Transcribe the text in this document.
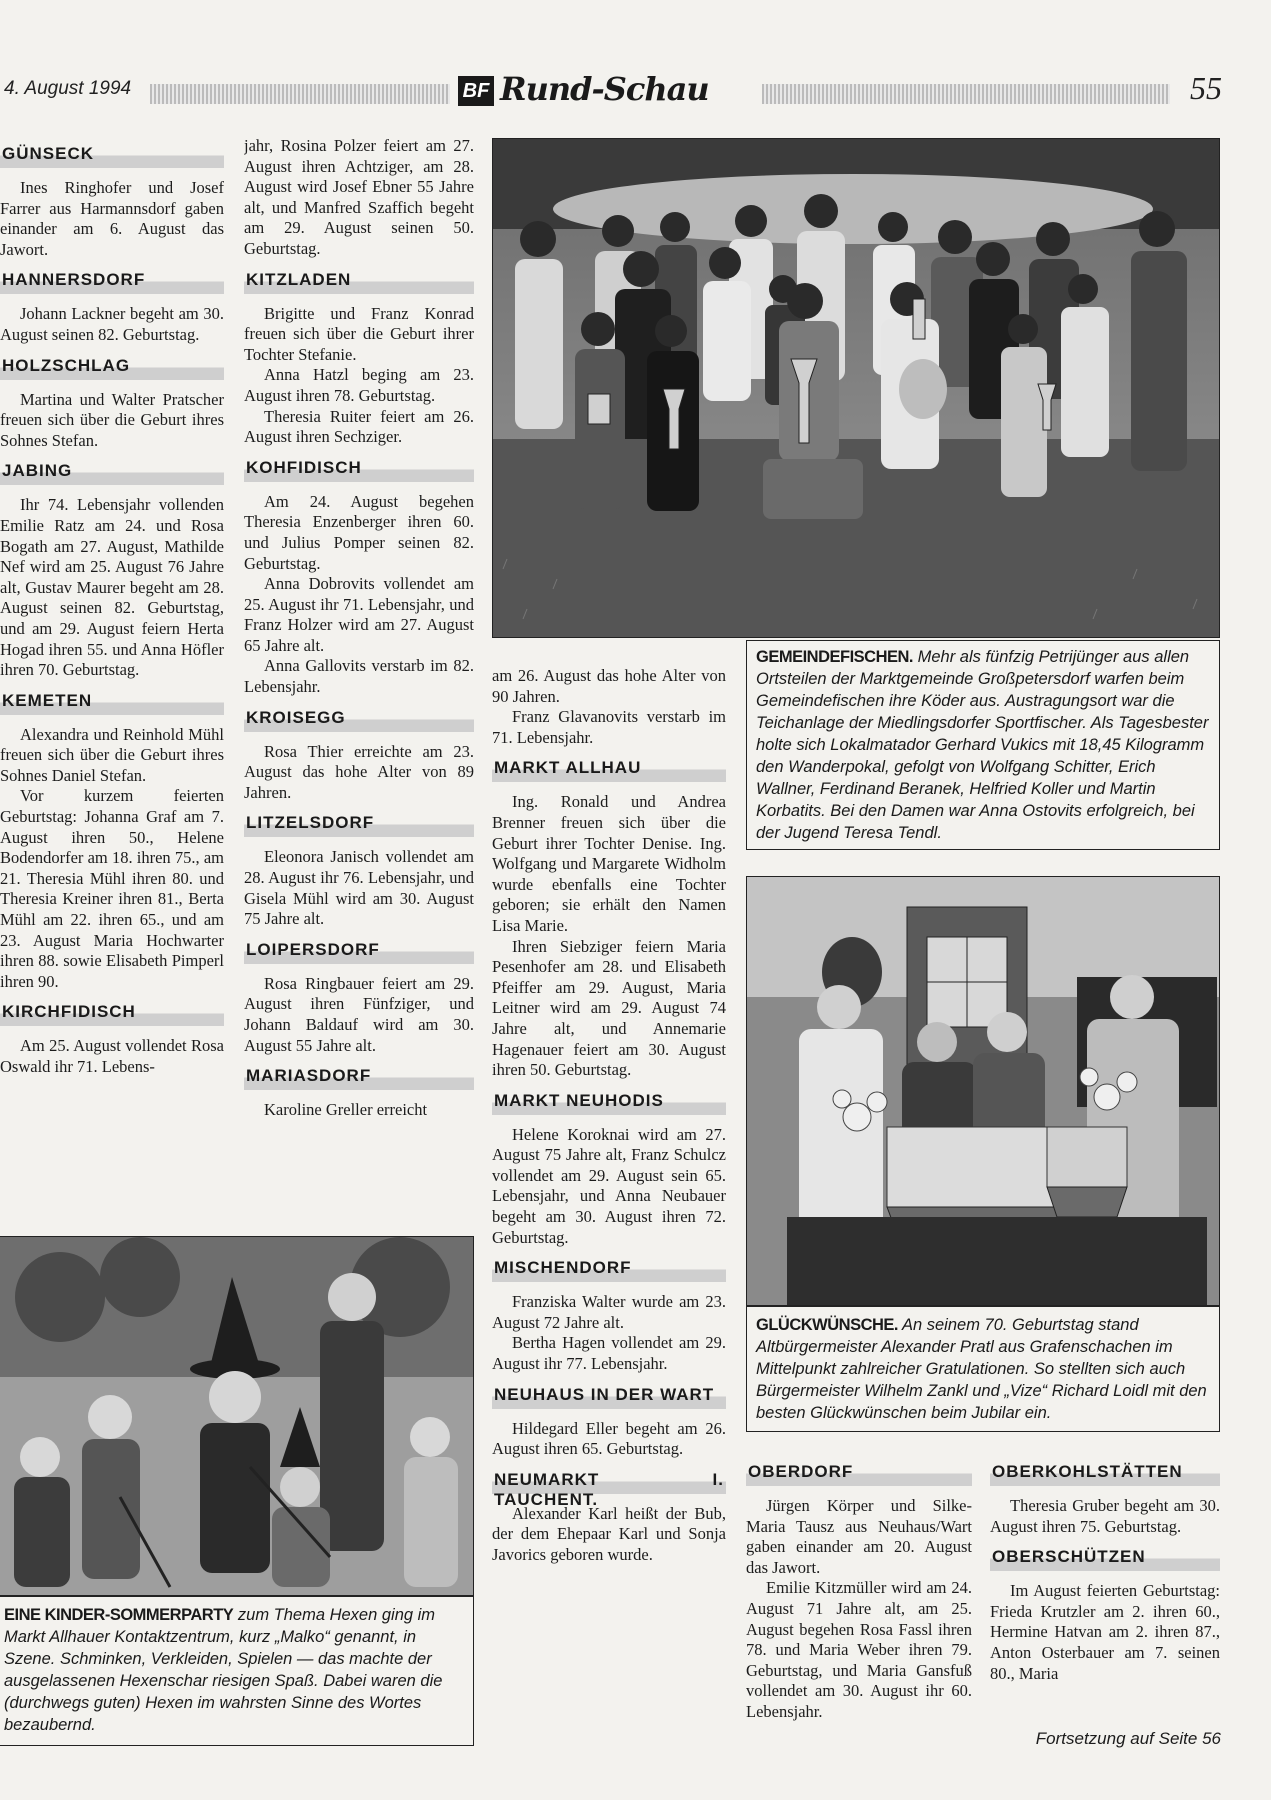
4. August 1994	BF Rund-Schau	55
GÜNSECK

Ines Ringhofer und Josef Farrer aus Harmannsdorf gaben einander am 6. August das Jawort.

HANNERSDORF

Johann Lackner begeht am 30. August seinen 82. Geburtstag.

HOLZSCHLAG

Martina und Walter Pratscher freuen sich über die Geburt ihres Sohnes Stefan.

JABING

Ihr 74. Lebensjahr vollenden Emilie Ratz am 24. und Rosa Bogath am 27. August, Mathilde Nef wird am 25. August 76 Jahre alt, Gustav Maurer begeht am 28. August seinen 82. Geburtstag, und am 29. August feiern Herta Hogad ihren 55. und Anna Höfler ihren 70. Geburtstag.

KEMETEN

Alexandra und Reinhold Mühl freuen sich über die Geburt ihres Sohnes Daniel Stefan.

Vor kurzem feierten Geburtstag: Johanna Graf am 7. August ihren 50., Helene Bodendorfer am 18. ihren 75., am 21. Theresia Mühl ihren 80. und Theresia Kreiner ihren 81., Berta Mühl am 22. ihren 65., und am 23. August Maria Hochwarter ihren 88. sowie Elisabeth Pimperl ihren 90.

KIRCHFIDISCH

Am 25. August vollendet Rosa Oswald ihr 71. Lebens-

jahr, Rosina Polzer feiert am 27. August ihren Achtziger, am 28. August wird Josef Ebner 55 Jahre alt, und Manfred Szaffich begeht am 29. August seinen 50. Geburtstag.

KITZLADEN

Brigitte und Franz Konrad freuen sich über die Geburt ihrer Tochter Stefanie.

Anna Hatzl beging am 23. August ihren 78. Geburtstag.

Theresia Ruiter feiert am 26. August ihren Sechziger.

KOHFIDISCH

Am 24. August begehen Theresia Enzenberger ihren 60. und Julius Pomper seinen 82. Geburtstag.

Anna Dobrovits vollendet am 25. August ihr 71. Lebensjahr, und Franz Holzer wird am 27. August 65 Jahre alt.

Anna Gallovits verstarb im 82. Lebensjahr.

KROISEGG

Rosa Thier erreichte am 23. August das hohe Alter von 89 Jahren.

LITZELSDORF

Eleonora Janisch vollendet am 28. August ihr 76. Lebensjahr, und Gisela Mühl wird am 30. August 75 Jahre alt.

LOIPERSDORF

Rosa Ringbauer feiert am 29. August ihren Fünfziger, und Johann Baldauf wird am 30. August 55 Jahre alt.

MARIASDORF

Karoline Greller erreicht

GEMEINDEFISCHEN. Mehr als fünfzig Petrijünger aus allen Ortsteilen der Marktgemeinde Großpetersdorf warfen beim Gemeindefischen ihre Köder aus. Austragungsort war die Teichanlage der Miedlingsdorfer Sportfischer. Als Tagesbester holte sich Lokalmatador Gerhard Vukics mit 18,45 Kilogramm den Wanderpokal, gefolgt von Wolfgang Schitter, Erich Wallner, Ferdinand Beranek, Helfried Koller und Martin Korbatits. Bei den Damen war Anna Ostovits erfolgreich, bei der Jugend Teresa Tendl.

am 26. August das hohe Alter von 90 Jahren.

Franz Glavanovits verstarb im 71. Lebensjahr.

MARKT ALLHAU

Ing. Ronald und Andrea Brenner freuen sich über die Geburt ihrer Tochter Denise. Ing. Wolfgang und Margarete Widholm wurde ebenfalls eine Tochter geboren; sie erhält den Namen Lisa Marie.

Ihren Siebziger feiern Maria Pesenhofer am 28. und Elisabeth Pfeiffer am 29. August, Maria Leitner wird am 29. August 74 Jahre alt, und Annemarie Hagenauer feiert am 30. August ihren 50. Geburtstag.

MARKT NEUHODIS

Helene Koroknai wird am 27. August 75 Jahre alt, Franz Schulcz vollendet am 29. August sein 65. Lebensjahr, und Anna Neubauer begeht am 30. August ihren 72. Geburtstag.

MISCHENDORF

Franziska Walter wurde am 23. August 72 Jahre alt.

Bertha Hagen vollendet am 29. August ihr 77. Lebensjahr.

NEUHAUS IN DER WART

Hildegard Eller begeht am 26. August ihren 65. Geburtstag.

NEUMARKT I. TAUCHENT.

Alexander Karl heißt der Bub, der dem Ehepaar Karl und Sonja Javorics geboren wurde.

GLÜCKWÜNSCHE. An seinem 70. Geburtstag stand Altbürgermeister Alexander Pratl aus Grafenschachen im Mittelpunkt zahlreicher Gratulationen. So stellten sich auch Bürgermeister Wilhelm Zankl und „Vize“ Richard Loidl mit den besten Glückwünschen beim Jubilar ein.
OBERDORF

Jürgen Körper und Silke-Maria Tausz aus Neuhaus/Wart gaben einander am 20. August das Jawort.

Emilie Kitzmüller wird am 24. August 71 Jahre alt, am 25. August begehen Rosa Fassl ihren 78. und Maria Weber ihren 79. Geburtstag, und Maria Gansfuß vollendet am 30. August ihr 60. Lebensjahr.

OBERKOHLSTÄTTEN

Theresia Gruber begeht am 30. August ihren 75. Geburtstag.

OBERSCHÜTZEN

Im August feierten Geburtstag: Frieda Krutzler am 2. ihren 60., Hermine Hatvan am 2. ihren 87., Anton Osterbauer am 7. seinen 80., Maria

Fortsetzung auf Seite 56
EINE KINDER-SOMMERPARTY zum Thema Hexen ging im Markt Allhauer Kontaktzentrum, kurz „Malko“ genannt, in Szene. Schminken, Verkleiden, Spielen — das machte der ausgelassenen Hexenschar riesigen Spaß. Dabei waren die (durchwegs guten) Hexen im wahrsten Sinne des Wortes bezaubernd.
